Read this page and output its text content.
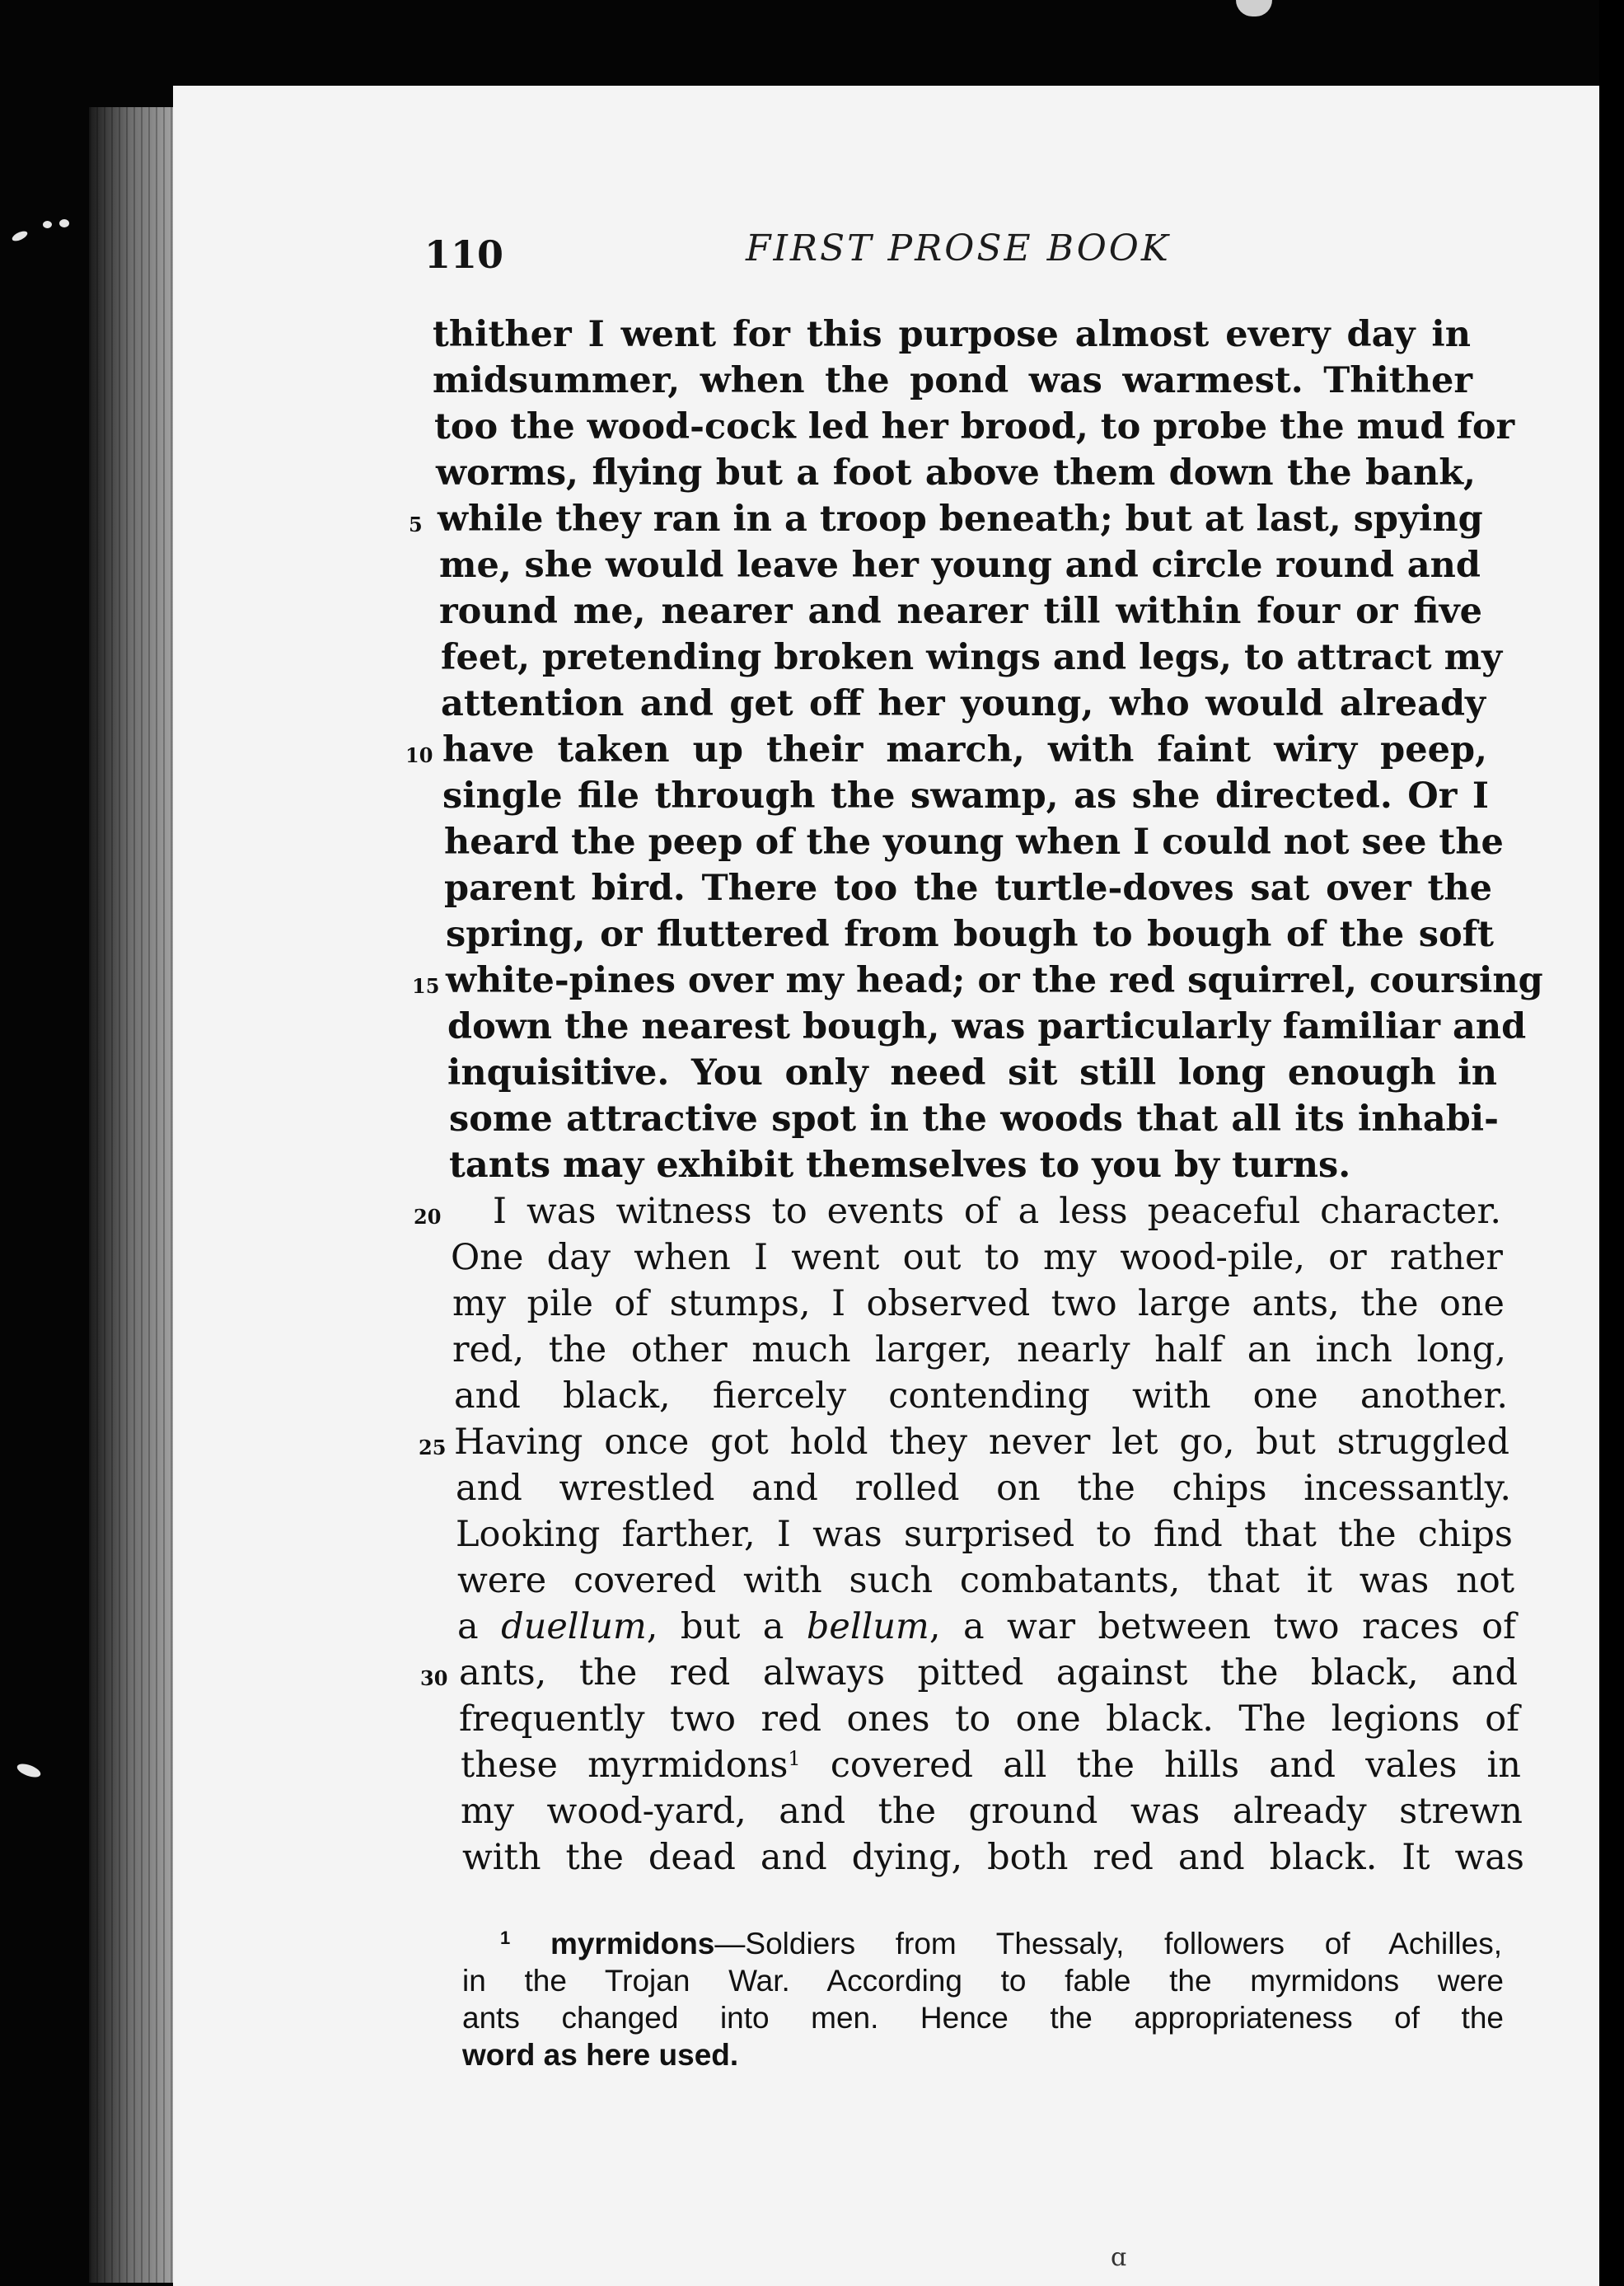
110	FIRST PROSE BOOK
thither I went for this purpose almost every day in
midsummer, when the pond was warmest. Thither
too the wood-cock led her brood, to probe the mud for
worms, flying but a foot above them down the bank,
while they ran in a troop beneath; but at last, spying
me, she would leave her young and circle round and
round me, nearer and nearer till within four or five
feet, pretending broken wings and legs, to attract my
attention and get off her young, who would already
have taken up their march, with faint wiry peep,
single file through the swamp, as she directed. Or I
heard the peep of the young when I could not see the
parent bird. There too the turtle-doves sat over the
spring, or fluttered from bough to bough of the soft
white-pines over my head; or the red squirrel, coursing
down the nearest bough, was particularly familiar and
inquisitive. You only need sit still long enough in
some attractive spot in the woods that all its inhabi-
tants may exhibit themselves to you by turns.
I was witness to events of a less peaceful character.
One day when I went out to my wood-pile, or rather
my pile of stumps, I observed two large ants, the one
red, the other much larger, nearly half an inch long,
and black, fiercely contending with one another.
Having once got hold they never let go, but struggled
and wrestled and rolled on the chips incessantly.
Looking farther, I was surprised to find that the chips
were covered with such combatants, that it was not
a duellum, but a bellum, a war between two races of
ants, the red always pitted against the black, and
frequently two red ones to one black. The legions of
these myrmidons$^1$ covered all the hills and vales in
my wood-yard, and the ground was already strewn
with the dead and dying, both red and black. It was
5
10
15
20
25
30
$^1$ myrmidons—Soldiers from Thessaly, followers of Achilles,
in the Trojan War. According to fable the myrmidons were
ants changed into men. Hence the appropriateness of the
word as here used.
ɑ
